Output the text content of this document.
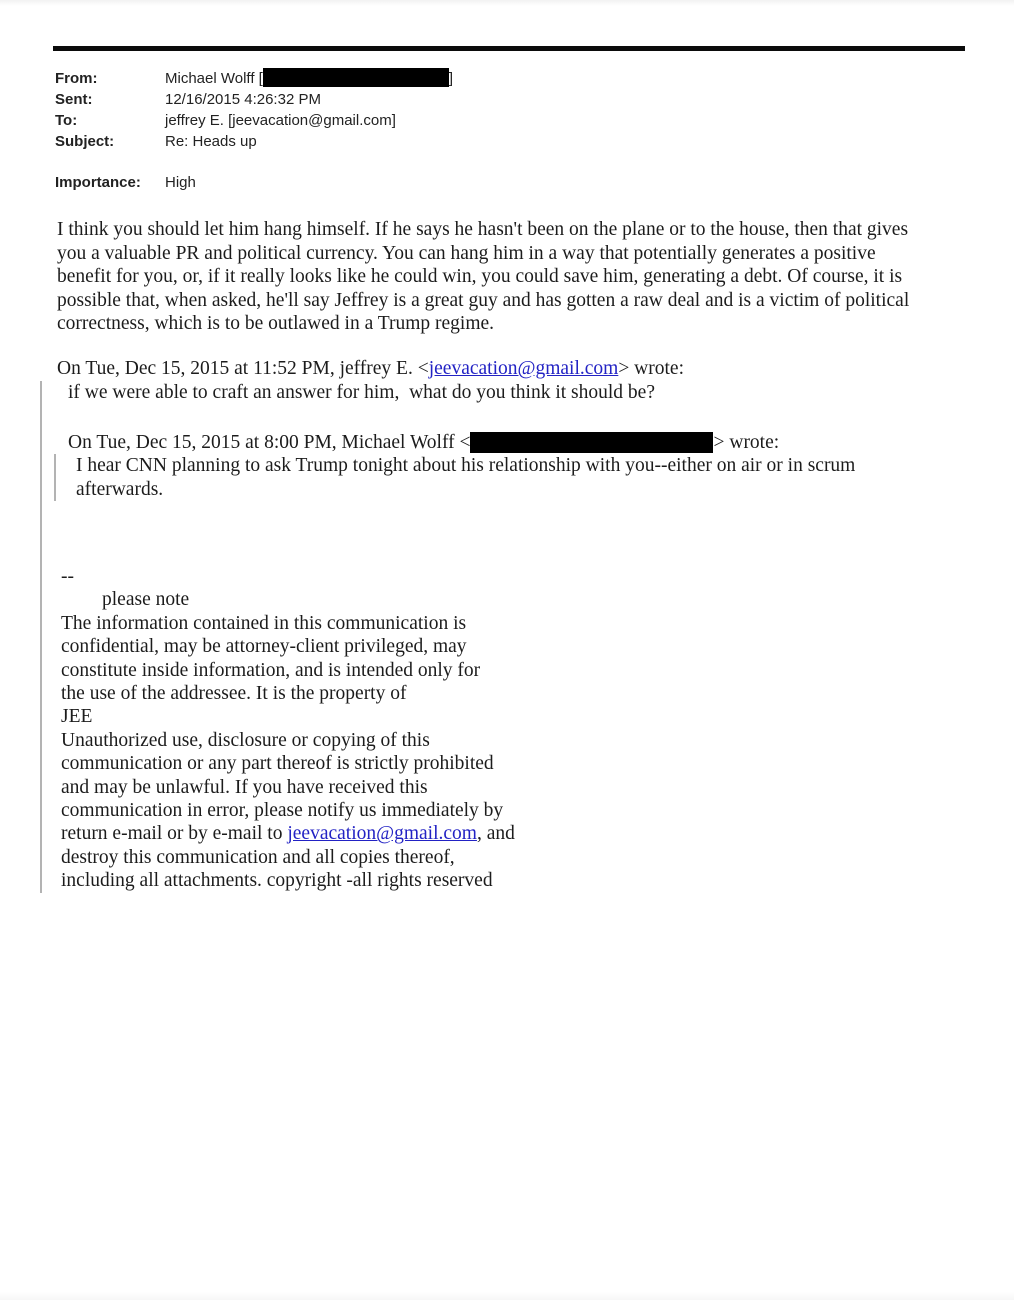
From:	Michael Wolff [	]
Sent:	12/16/2015 4:26:32 PM
To:	jeffrey E. [jeevacation@gmail.com]
Subject:	Re: Heads up
Importance:	High
I think you should let him hang himself. If he says he hasn't been on the plane or to the house, then that gives
you a valuable PR and political currency. You can hang him in a way that potentially generates a positive
benefit for you, or, if it really looks like he could win, you could save him, generating a debt. Of course, it is
possible that, when asked, he'll say Jeffrey is a great guy and has gotten a raw deal and is a victim of political
correctness, which is to be outlawed in a Trump regime.
On Tue, Dec 15, 2015 at 11:52 PM, jeffrey E. <jeevacation@gmail.com> wrote:
if we were able to craft an answer for him,  what do you think it should be?
On Tue, Dec 15, 2015 at 8:00 PM, Michael Wolff <	> wrote:
I hear CNN planning to ask Trump tonight about his relationship with you--either on air or in scrum
afterwards.
--
please note
The information contained in this communication is
confidential, may be attorney-client privileged, may
constitute inside information, and is intended only for
the use of the addressee. It is the property of
JEE
Unauthorized use, disclosure or copying of this
communication or any part thereof is strictly prohibited
and may be unlawful. If you have received this
communication in error, please notify us immediately by
return e-mail or by e-mail to jeevacation@gmail.com, and
destroy this communication and all copies thereof,
including all attachments. copyright -all rights reserved
